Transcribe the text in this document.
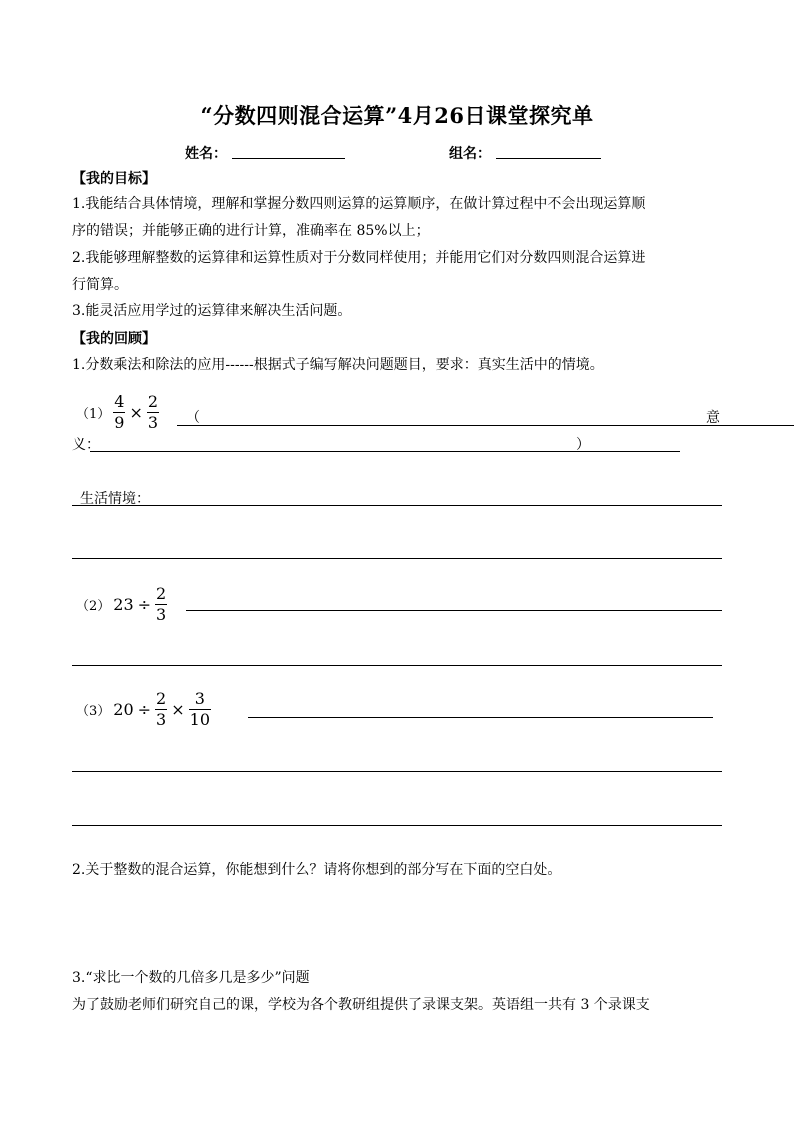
“分数四则混合运算”4月26日课堂探究单
姓名：	组名：
【我的目标】
1.我能结合具体情境，理解和掌握分数四则运算的运算顺序，在做计算过程中不会出现运算顺
序的错误；并能够正确的进行计算，准确率在 85%以上；
2.我能够理解整数的运算律和运算性质对于分数同样使用；并能用它们对分数四则混合运算进
行简算。
3.能灵活应用学过的运算律来解决生活问题。
【我的回顾】
1.分数乘法和除法的应用------根据式子编写解决问题题目，要求：真实生活中的情境。
$(1) \frac{4}{9} \times \frac{2}{3}$ （	意
义：	）
生活情境：
（2） $23 \div \frac{2}{3}$
（3） $20 \div \frac{2}{3} \times \frac{3}{10}$
2.关于整数的混合运算，你能想到什么？请将你想到的部分写在下面的空白处。
3.“求比一个数的几倍多几是多少”问题
为了鼓励老师们研究自己的课，学校为各个教研组提供了录课支架。英语组一共有 3 个录课支
